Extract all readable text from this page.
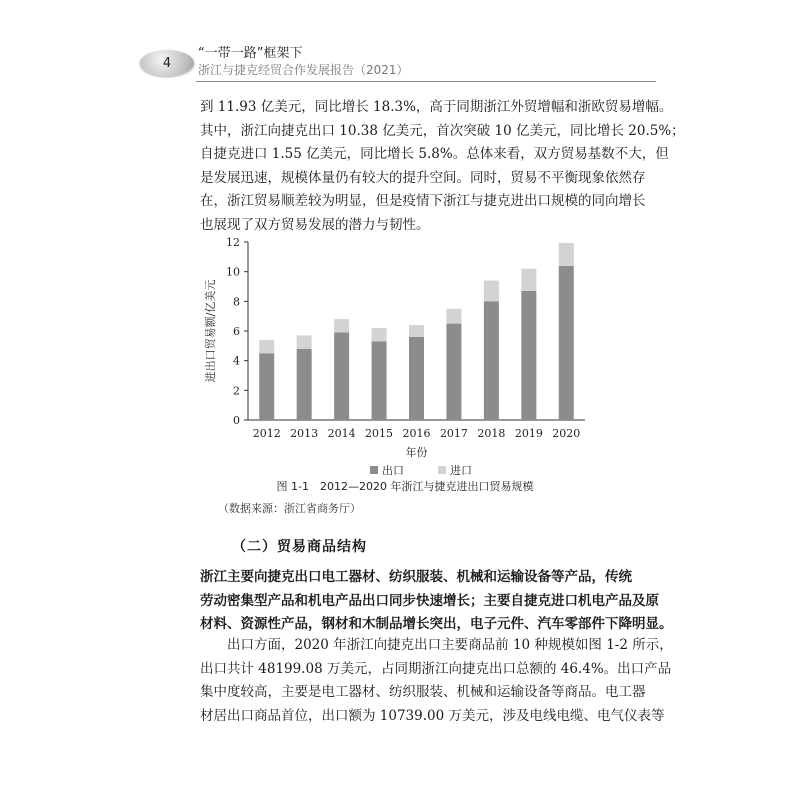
4
“一带一路”框架下
浙江与捷克经贸合作发展报告（2021）
到 11.93 亿美元，同比增长 18.3%，高于同期浙江外贸增幅和浙欧贸易增幅。
其中，浙江向捷克出口 10.38 亿美元，首次突破 10 亿美元，同比增长 20.5%；
自捷克进口 1.55 亿美元，同比增长 5.8%。总体来看，双方贸易基数不大，但
是发展迅速，规模体量仍有较大的提升空间。同时，贸易不平衡现象依然存
在，浙江贸易顺差较为明显，但是疫情下浙江与捷克进出口规模的同向增长
也展现了双方贸易发展的潜力与韧性。
0
2
4
6
8
10
12
进出口贸易额/亿美元
2012 2013 2014 2015 2016 2017 2018 2019 2020
年份
出口	进口
图 1-1　2012—2020 年浙江与捷克进出口贸易规模
（数据来源：浙江省商务厅）
（二）贸易商品结构
浙江主要向捷克出口电工器材、纺织服装、机械和运输设备等产品，传统
劳动密集型产品和机电产品出口同步快速增长；主要自捷克进口机电产品及原
材料、资源性产品，钢材和木制品增长突出，电子元件、汽车零部件下降明显。
　　出口方面，2020 年浙江向捷克出口主要商品前 10 种规模如图 1-2 所示，
出口共计 48199.08 万美元，占同期浙江向捷克出口总额的 46.4%。出口产品
集中度较高，主要是电工器材、纺织服装、机械和运输设备等商品。电工器
材居出口商品首位，出口额为 10739.00 万美元，涉及电线电缆、电气仪表等
